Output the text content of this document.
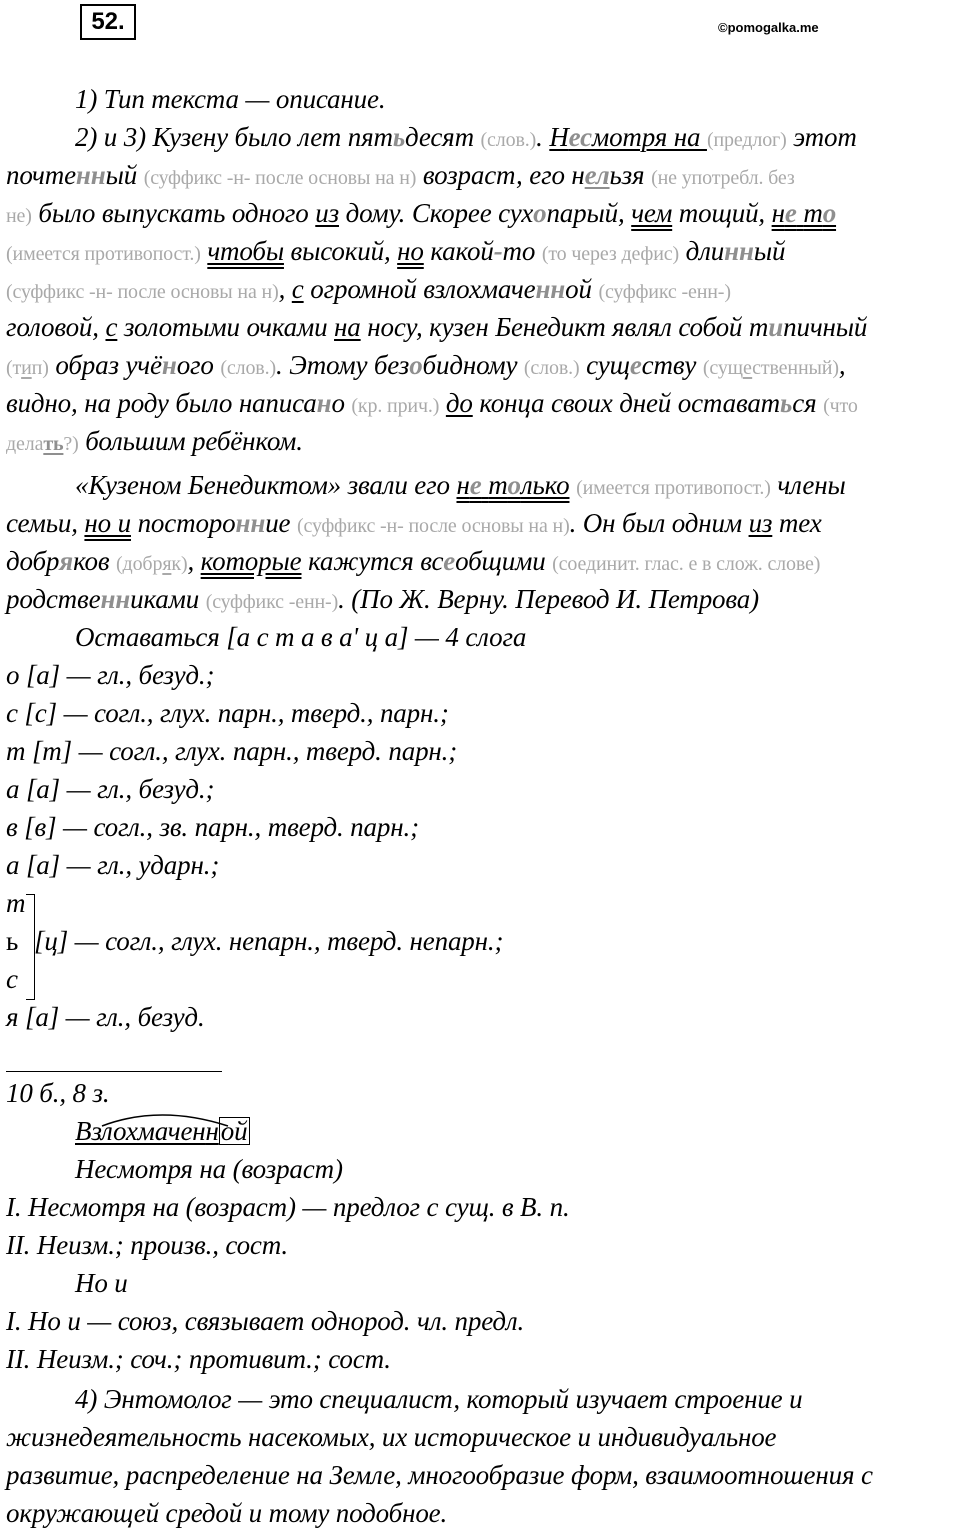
52.	©pomogalka.me
1) Тип текста — описание.
2) и 3) Кузену было лет пятьдесят (слов.). Несмотря на (предлог) этот
почтенный (суффикс -н- после основы на н) возраст, его нельзя (не употребл. без
не) было выпускать одного из дому. Скорее сухопарый, чем тощий, не то
(имеется противопост.) чтобы высокий, но какой-то (то через дефис) длинный
(суффикс -н- после основы на н), с огромной взлохмаченной (суффикс -енн-)
головой, с золотыми очками на носу, кузен Бенедикт являл собой типичный
(тип) образ учёного (слов.). Этому безобидному (слов.) существу (существенный),
видно, на роду было написано (кр. прич.) до конца своих дней оставаться (что
делать?) большим ребёнком.
«Кузеном Бенедиктом» звали его не только (имеется противопост.) члены
семьи, но и посторонние (суффикс -н- после основы на н). Он был одним из тех
добряков (добряк), которые кажутся всеобщими (соединит. глас. е в слож. слове)
родственниками (суффикс -енн-). (По Ж. Верну. Перевод И. Петрова)
Оставаться [а с т а в а' ц а] — 4 слога
о [а] — гл., безуд.;
с [с] — согл., глух. парн., тверд., парн.;
т [т] — согл., глух. парн., тверд. парн.;
а [а] — гл., безуд.;
в [в] — согл., зв. парн., тверд. парн.;
а [а] — гл., ударн.;
т
ь [ц] — согл., глух. непарн., тверд. непарн.;
с
я [а] — гл., безуд.
10 б., 8 з.
Взлохмаченной
Несмотря на (возраст)
I. Несмотря на (возраст) — предлог с сущ. в В. п.
II. Неизм.; произв., сост.
Но и
I. Но и — союз, связывает однород. чл. предл.
II. Неизм.; соч.; противит.; сост.
4) Энтомолог — это специалист, который изучает строение и
жизнедеятельность насекомых, их историческое и индивидуальное
развитие, распределение на Земле, многообразие форм, взаимоотношения с
окружающей средой и тому подобное.
